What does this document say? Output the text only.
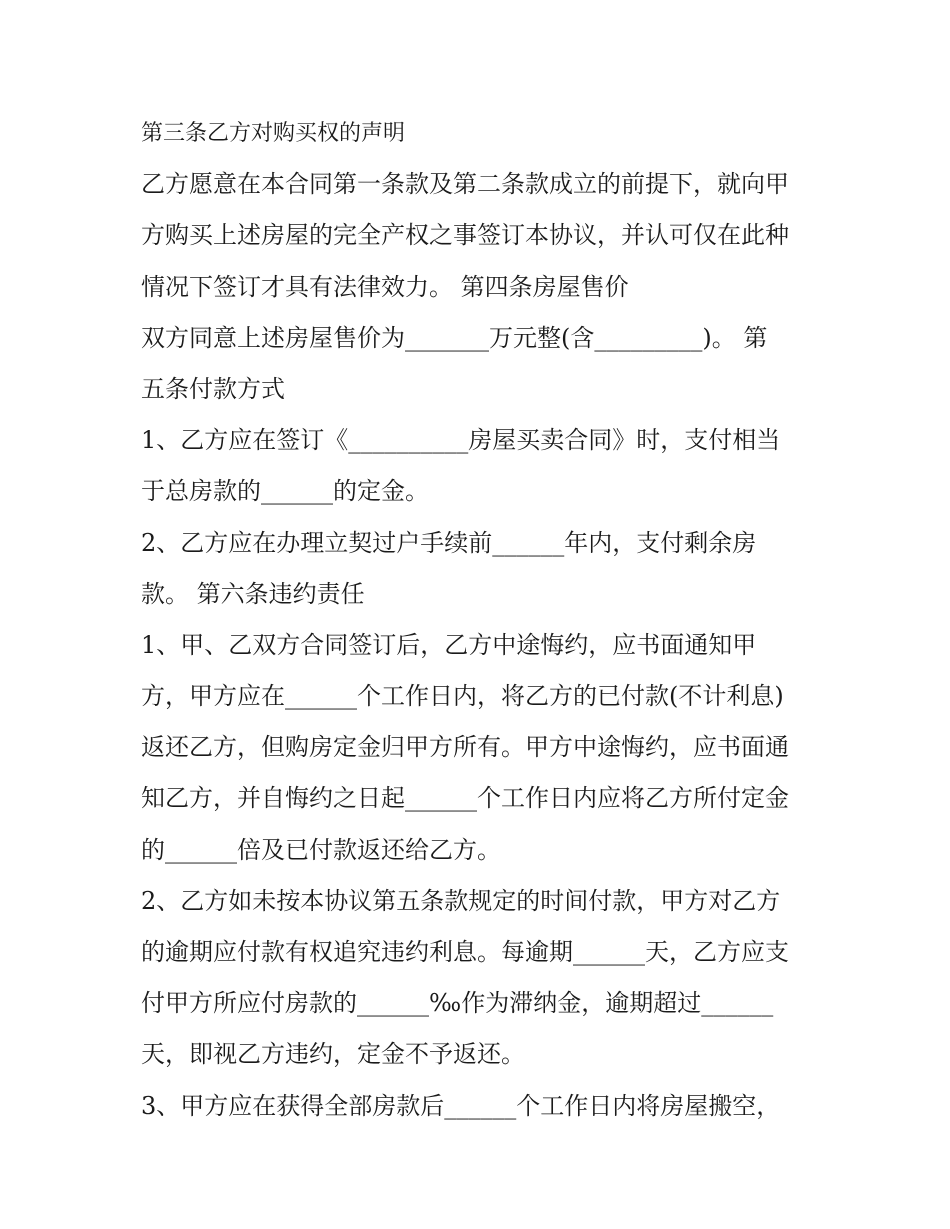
第三条乙方对购买权的声明
乙方愿意在本合同第一条款及第二条款成立的前提下，就向甲
方购买上述房屋的完全产权之事签订本协议，并认可仅在此种
情况下签订才具有法律效力。 第四条房屋售价
双方同意上述房屋售价为_______万元整(含_________)。 第
五条付款方式
1、乙方应在签订《__________房屋买卖合同》时，支付相当
于总房款的______的定金。
2、乙方应在办理立契过户手续前______年内，支付剩余房
款。 第六条违约责任
1、甲、乙双方合同签订后，乙方中途悔约，应书面通知甲
方，甲方应在______个工作日内，将乙方的已付款(不计利息)
返还乙方，但购房定金归甲方所有。甲方中途悔约，应书面通
知乙方，并自悔约之日起______个工作日内应将乙方所付定金
的______倍及已付款返还给乙方。
2、乙方如未按本协议第五条款规定的时间付款，甲方对乙方
的逾期应付款有权追究违约利息。每逾期______天，乙方应支
付甲方所应付房款的______‰作为滞纳金，逾期超过______
天，即视乙方违约，定金不予返还。
3、甲方应在获得全部房款后______个工作日内将房屋搬空，
